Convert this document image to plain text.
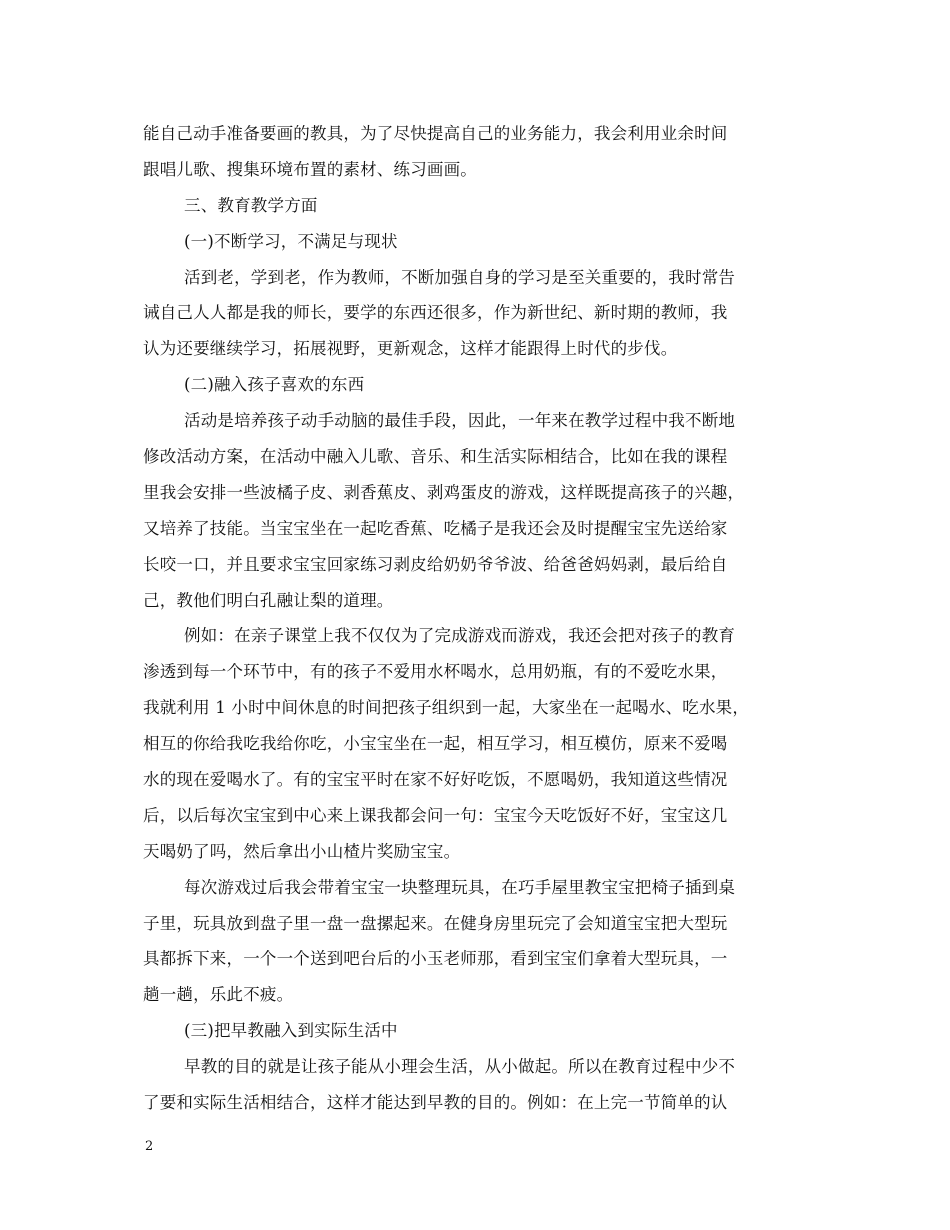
能自己动手准备要画的教具，为了尽快提高自己的业务能力，我会利用业余时间
跟唱儿歌、搜集环境布置的素材、练习画画。
三、教育教学方面
(一)不断学习，不满足与现状
活到老，学到老，作为教师，不断加强自身的学习是至关重要的，我时常告
诫自己人人都是我的师长，要学的东西还很多，作为新世纪、新时期的教师，我
认为还要继续学习，拓展视野，更新观念，这样才能跟得上时代的步伐。
(二)融入孩子喜欢的东西
活动是培养孩子动手动脑的最佳手段，因此，一年来在教学过程中我不断地
修改活动方案，在活动中融入儿歌、音乐、和生活实际相结合，比如在我的课程
里我会安排一些波橘子皮、剥香蕉皮、剥鸡蛋皮的游戏，这样既提高孩子的兴趣，
又培养了技能。当宝宝坐在一起吃香蕉、吃橘子是我还会及时提醒宝宝先送给家
长咬一口，并且要求宝宝回家练习剥皮给奶奶爷爷波、给爸爸妈妈剥，最后给自
己，教他们明白孔融让梨的道理。
例如：在亲子课堂上我不仅仅为了完成游戏而游戏，我还会把对孩子的教育
渗透到每一个环节中，有的孩子不爱用水杯喝水，总用奶瓶，有的不爱吃水果，
我就利用 1 小时中间休息的时间把孩子组织到一起，大家坐在一起喝水、吃水果，
相互的你给我吃我给你吃，小宝宝坐在一起，相互学习，相互模仿，原来不爱喝
水的现在爱喝水了。有的宝宝平时在家不好好吃饭，不愿喝奶，我知道这些情况
后，以后每次宝宝到中心来上课我都会问一句：宝宝今天吃饭好不好，宝宝这几
天喝奶了吗，然后拿出小山楂片奖励宝宝。
每次游戏过后我会带着宝宝一块整理玩具，在巧手屋里教宝宝把椅子插到桌
子里，玩具放到盘子里一盘一盘摞起来。在健身房里玩完了会知道宝宝把大型玩
具都拆下来，一个一个送到吧台后的小玉老师那，看到宝宝们拿着大型玩具，一
趟一趟，乐此不疲。
(三)把早教融入到实际生活中
早教的目的就是让孩子能从小理会生活，从小做起。所以在教育过程中少不
了要和实际生活相结合，这样才能达到早教的目的。例如：在上完一节简单的认
2
